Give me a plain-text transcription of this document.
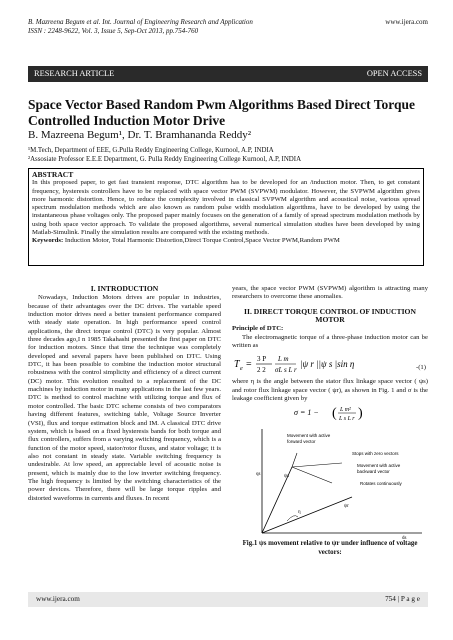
B. Mazreena Begum et al. Int. Journal of Engineering Research and Application
ISSN : 2248-9622, Vol. 3, Issue 5, Sep-Oct 2013, pp.754-760
www.ijera.com
RESEARCH ARTICLE	OPEN ACCESS
Space Vector Based Random Pwm Algorithms Based Direct Torque Controlled Induction Motor Drive
B. Mazreena Begum¹, Dr. T. Bramhananda Reddy²
¹M.Tech, Department of EEE, G.Pulla Reddy Engineering College, Kurnool, A.P, INDIA
²Assosiate Professor E.E.E Department, G. Pulla Reddy Engineering College Kurnool, A.P, INDIA
ABSTRACT
In this proposed paper, to get fast transient response, DTC algorithm has to be developed for an /induction motor. Then, to get constant frequency, hysteresis controllers have to be replaced with space vector PWM (SVPWM) modulator. However, the SVPWM algorithm gives more harmonic distortion. Hence, to reduce the complexity involved in classical SVPWM algorithm and acoustical noise, various spread spectrum modulation methods which are also known as random pulse width modulation algorithms, have to be developed by using the instantaneous phase voltages only. The proposed paper mainly focuses on the generation of a family of spread spectrum modulation methods by using both space vector approach. To validate the proposed algorithms, several numerical simulation studies have been developed by using Matlab-Simulink. Finally the simulation results are compared with the existing methods.
Keywords: Induction Motor, Total Harmonic Distortion,Direct Torque Control,Space Vector PWM,Random PWM
I. INTRODUCTION

Nowadays, Induction Motors drives are popular in industries, because of their advantages over the DC drives. The variable speed induction motor drives need a better transient performance compared with steady state operation. In high performance speed control applications, the direct torque control (DTC) is very popular. Almost three decades ago,I n 1985 Takahashi presented the first paper on DTC for induction motors. Since that time the technique was completely developed and several papers have been published on DTC. Using DTC, it has been possible to combine the induction motor structural robustness with the control simplicity and efficiency of a direct current (DC) motor. This evolution resulted to a replacement of the DC machines by induction motor in many applications in the last few years. DTC is method to control machine with utilizing torque and flux of motor controlled. The basic DTC scheme consists of two comparators having different features, switching table, Voltage Source Inverter (VSI), flux and torque estimation block and IM. A classical DTC drive system, which is based on a fixed hysteresis bands for both torque and flux controllers, suffers from a varying switching frequency, which is a function of the motor speed, stator/rotor fluxes, and stator voltage; it is also not constant in steady state. Variable switching frequency is undesirable. At low speed, an appreciable level of acoustic noise is present, which is mainly due to the low inverter switching frequency. The high frequency is limited by the switching characteristics of the power devices. Therefore, there will be large torque ripples and distorted waveforms in currents and fluxes. In recent

years, the space vector PWM (SVPWM) algorithm is attracting many researchers to overcome these anomalies.

II. DIRECT TORQUE CONTROL OF INDUCTION MOTOR
Principle of DTC:

The electromagnetic torque of a three-phase induction motor can be written as

T e = 3 P
2 2
L m
σL s L r
|ψ r ||ψ s |sin η	-(1)

where η is the angle between the stator flux linkage space vector ( ψs) and rotor flux linkage space vector ( ψr), as shown in Fig. 1 and σ is the leakage coefficient given by

σ = 1 − ( L m²
L s L r )
qs
ds
ψs
ψr
η
Movement with active
forward vector
Stops with zero vectors
Movement with active
backward vector
Rotates continuously
Fig.1 ψs movement relative to ψr under influence of voltage vectors:
www.ijera.com	754 | P a g e
